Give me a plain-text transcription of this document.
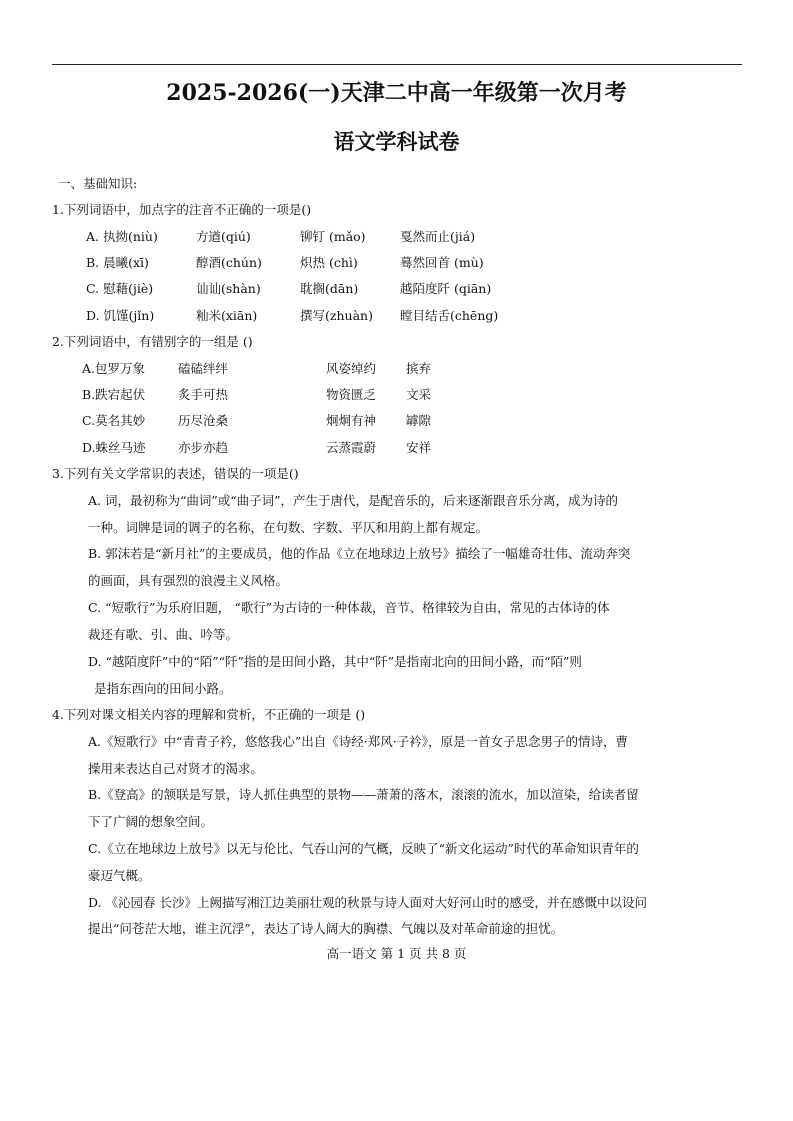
2025-2026(一)天津二中高一年级第一次月考
语文学科试卷
一、基础知识:
1.下列词语中，加点字的注音不正确的一项是()
A. 执拗(niù)	方遒(qiú)	铆钉 (mǎo)	戛然而止(jiá)
B. 晨曦(xī)	醇酒(chún)	炽热 (chì)	蓦然回首 (mù)
C. 慰藉(jiè)	讪讪(shàn)	耽搁(dān)	越陌度阡 (qiān)
D. 饥馑(jǐn)	籼米(xiān)	撰写(zhuàn) 瞠目结舌(chēng)
2.下列词语中，有错别字的一组是 ()
A.包罗万象	磕磕绊绊	风姿绰约 摈弃
B.跌宕起伏	炙手可热	物资匮乏 文采
C.莫名其妙	历尽沧桑	炯炯有神 罅隙
D.蛛丝马迹	亦步亦趋	云蒸霞蔚 安祥
3.下列有关文学常识的表述，错误的一项是()
A. 词，最初称为“曲词”或“曲子词”，产生于唐代，是配音乐的，后来逐渐跟音乐分离，成为诗的
一种。词牌是词的调子的名称，在句数、字数、平仄和用韵上都有规定。
B. 郭沫若是“新月社”的主要成员，他的作品《立在地球边上放号》描绘了一幅雄奇壮伟、流动奔突
的画面，具有强烈的浪漫主义风格。
C. “短歌行”为乐府旧题， “歌行”为古诗的一种体裁，音节、格律较为自由，常见的古体诗的体
裁还有歌、引、曲、吟等。
D. “越陌度阡”中的“陌”“阡”指的是田间小路，其中“阡”是指南北向的田间小路，而“陌”则
是指东西向的田间小路。
4.下列对课文相关内容的理解和赏析，不正确的一项是 ()
A.《短歌行》中“青青子衿，悠悠我心”出自《诗经·郑风·子衿》，原是一首女子思念男子的情诗，曹
操用来表达自己对贤才的渴求。
B.《登高》的颔联是写景，诗人抓住典型的景物——萧萧的落木，滚滚的流水，加以渲染，给读者留
下了广阔的想象空间。
C.《立在地球边上放号》以无与伦比、气吞山河的气概，反映了“新文化运动”时代的革命知识青年的
豪迈气概。
D. 《沁园春 长沙》上阙描写湘江边美丽壮观的秋景与诗人面对大好河山时的感受，并在感慨中以设问
提出“问苍茫大地，谁主沉浮”，表达了诗人阔大的胸襟、气魄以及对革命前途的担忧。
高一语文 第 1 页 共 8 页
